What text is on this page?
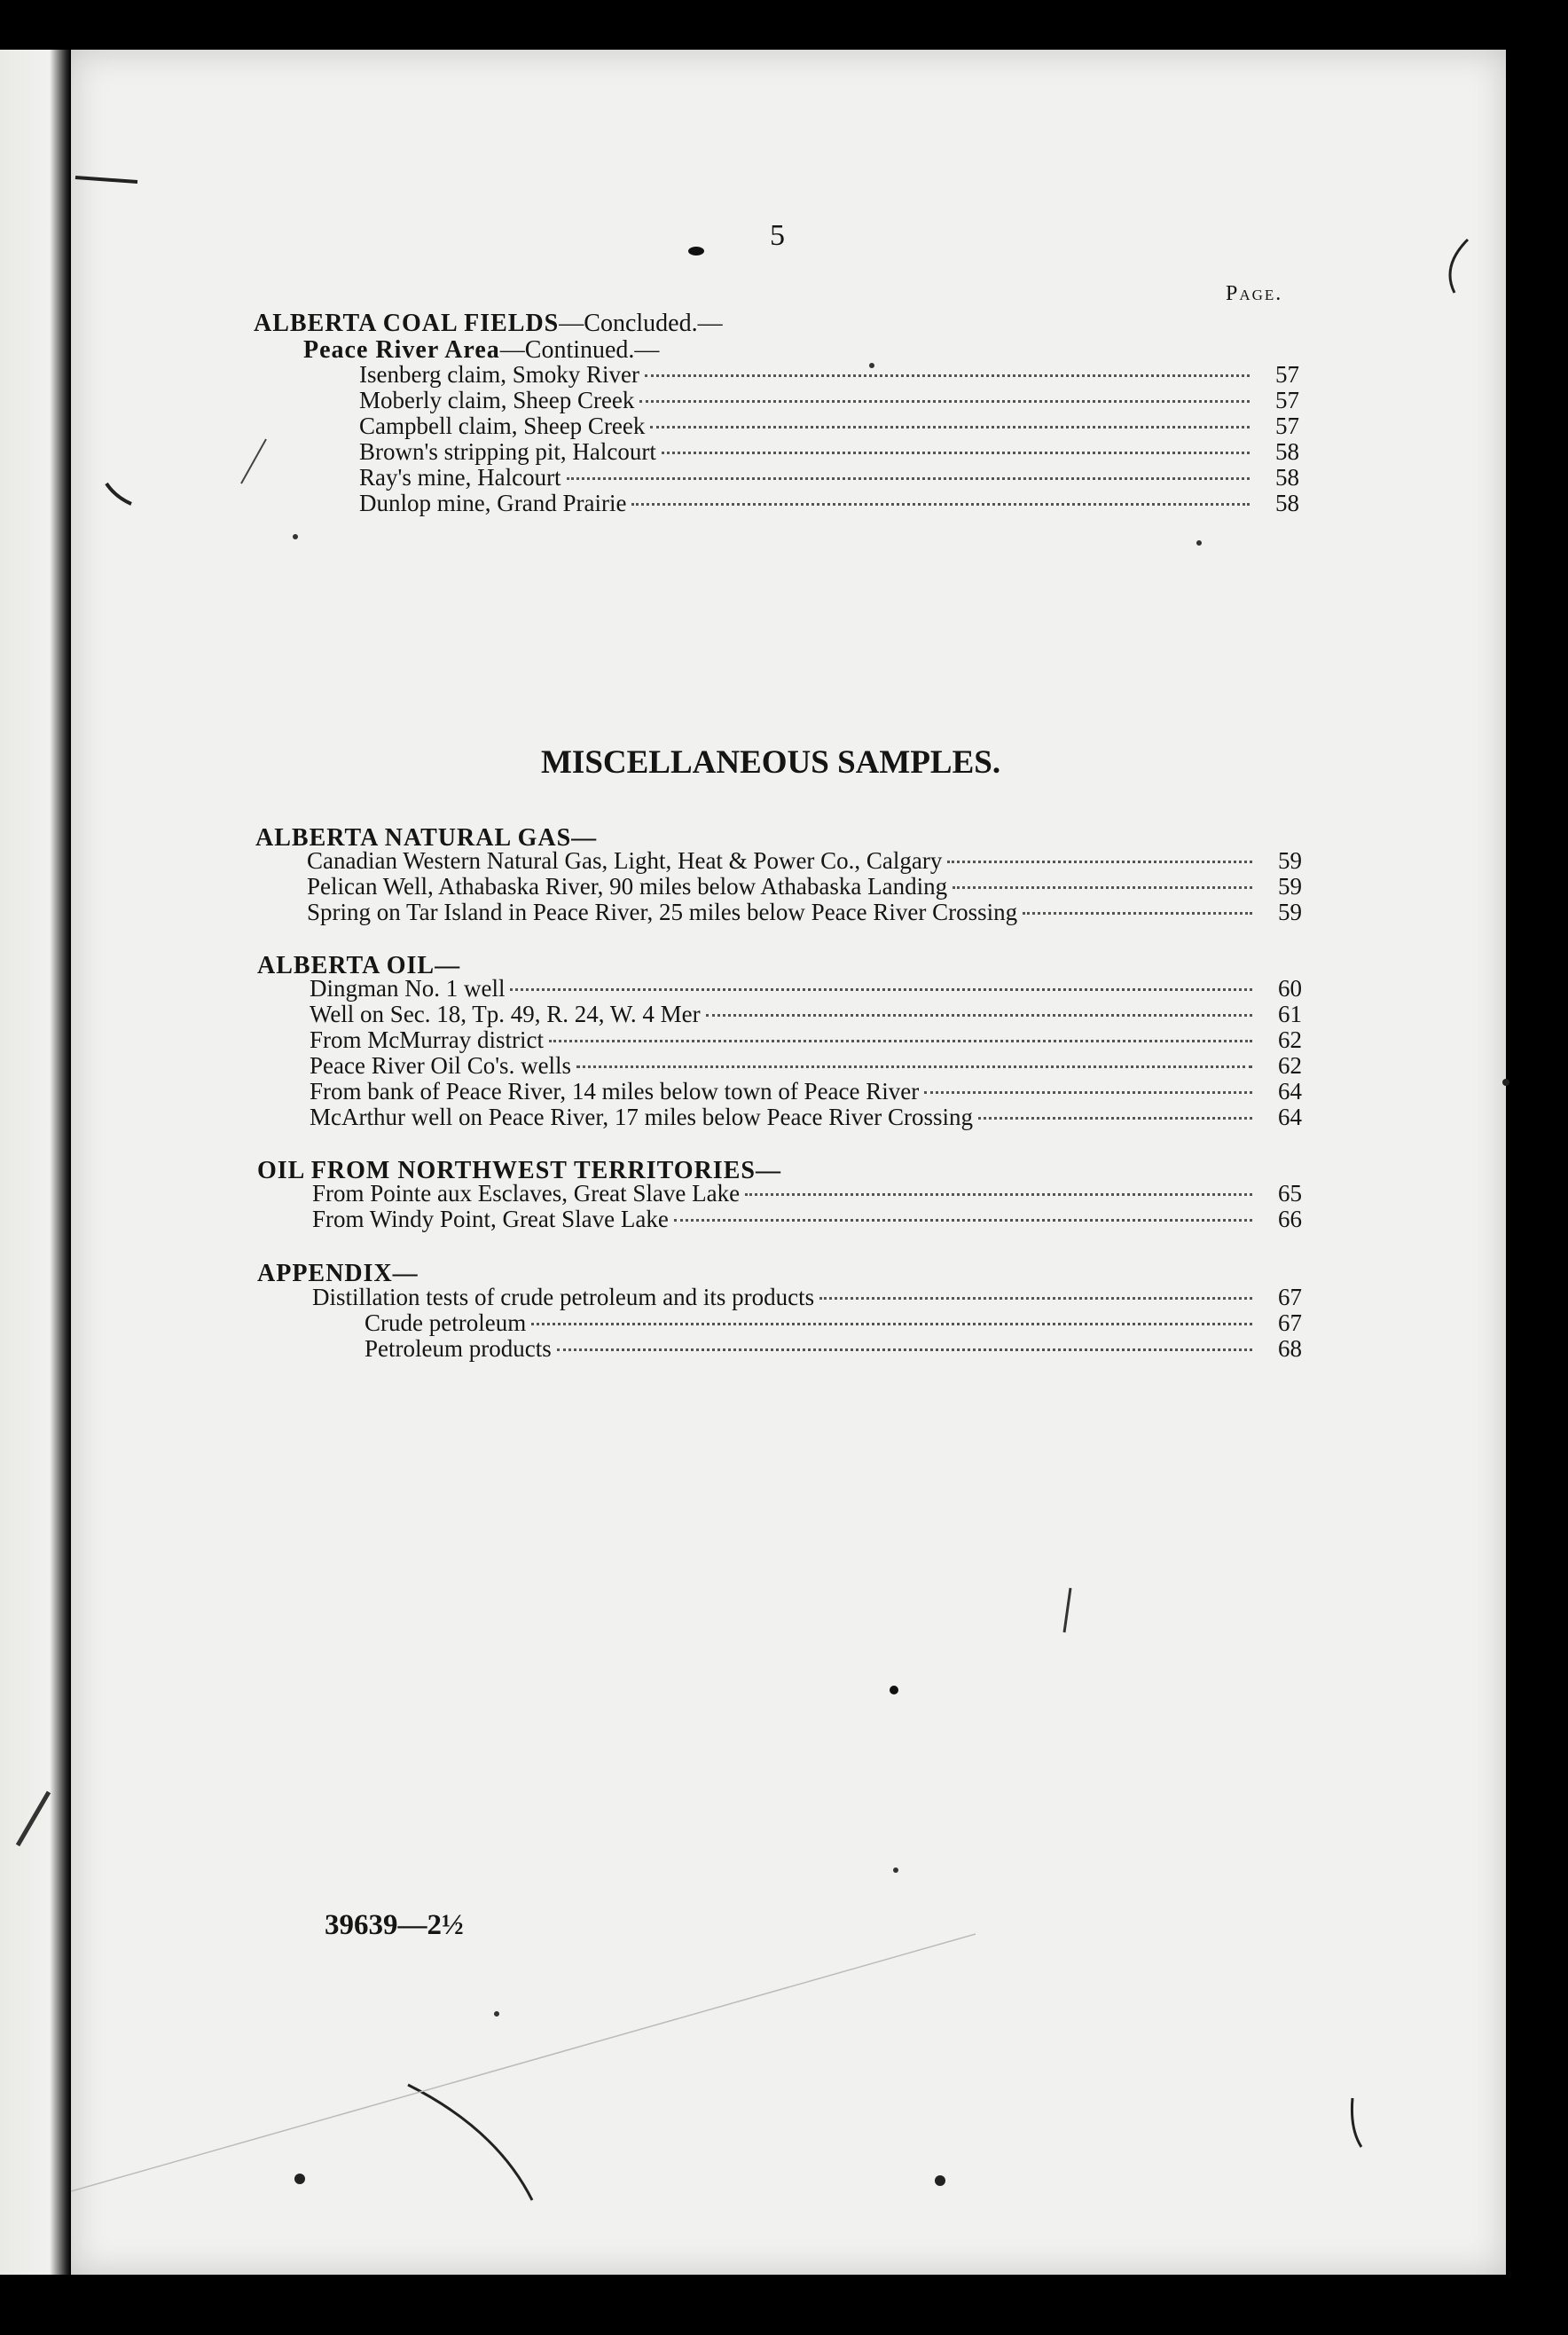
5
Page.
ALBERTA COAL FIELDS—Concluded.—
Peace River Area—Continued.—
Isenberg claim, Smoky River	57
Moberly claim, Sheep Creek	57
Campbell claim, Sheep Creek	57
Brown's stripping pit, Halcourt	58
Ray's mine, Halcourt	58
Dunlop mine, Grand Prairie	58
MISCELLANEOUS SAMPLES.
ALBERTA NATURAL GAS—
Canadian Western Natural Gas, Light, Heat & Power Co., Calgary	59
Pelican Well, Athabaska River, 90 miles below Athabaska Landing	59
Spring on Tar Island in Peace River, 25 miles below Peace River Crossing	59
ALBERTA OIL—
Dingman No. 1 well	60
Well on Sec. 18, Tp. 49, R. 24, W. 4 Mer	61
From McMurray district	62
Peace River Oil Co's. wells	62
From bank of Peace River, 14 miles below town of Peace River	64
McArthur well on Peace River, 17 miles below Peace River Crossing	64
OIL FROM NORTHWEST TERRITORIES—
From Pointe aux Esclaves, Great Slave Lake	65
From Windy Point, Great Slave Lake	66
APPENDIX—
Distillation tests of crude petroleum and its products	67
Crude petroleum	67
Petroleum products	68
39639—2½
